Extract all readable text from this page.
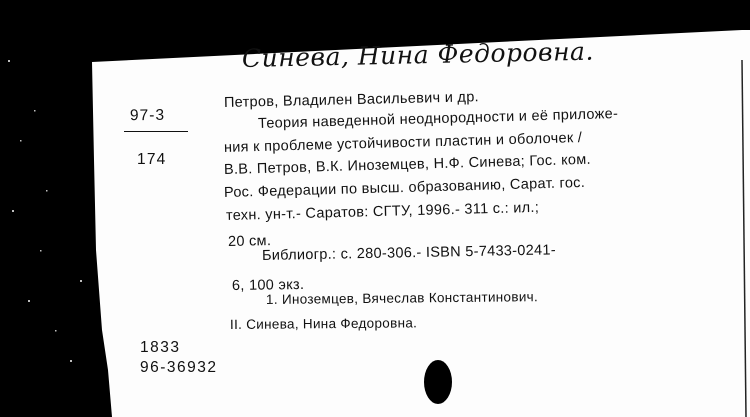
Синева, Нина Федоровна.
97-3
174
Петров, Владилен Васильевич и др.
Теория наведенной неоднородности и её приложе-
ния к проблеме устойчивости пластин и оболочек /
В.В. Петров, В.К. Иноземцев, Н.Ф. Синева; Гос. ком.
Рос. Федерации по высш. образованию, Сарат. гос.
техн. ун-т.- Саратов: СГТУ, 1996.- 311 с.: ил.;
20 см.
Библиогр.: с. 280-306.- ISBN 5-7433-0241-
6, 100 экз.
1. Иноземцев, Вячеслав Константинович.
II. Синева, Нина Федоровна.
1833
96-36932
